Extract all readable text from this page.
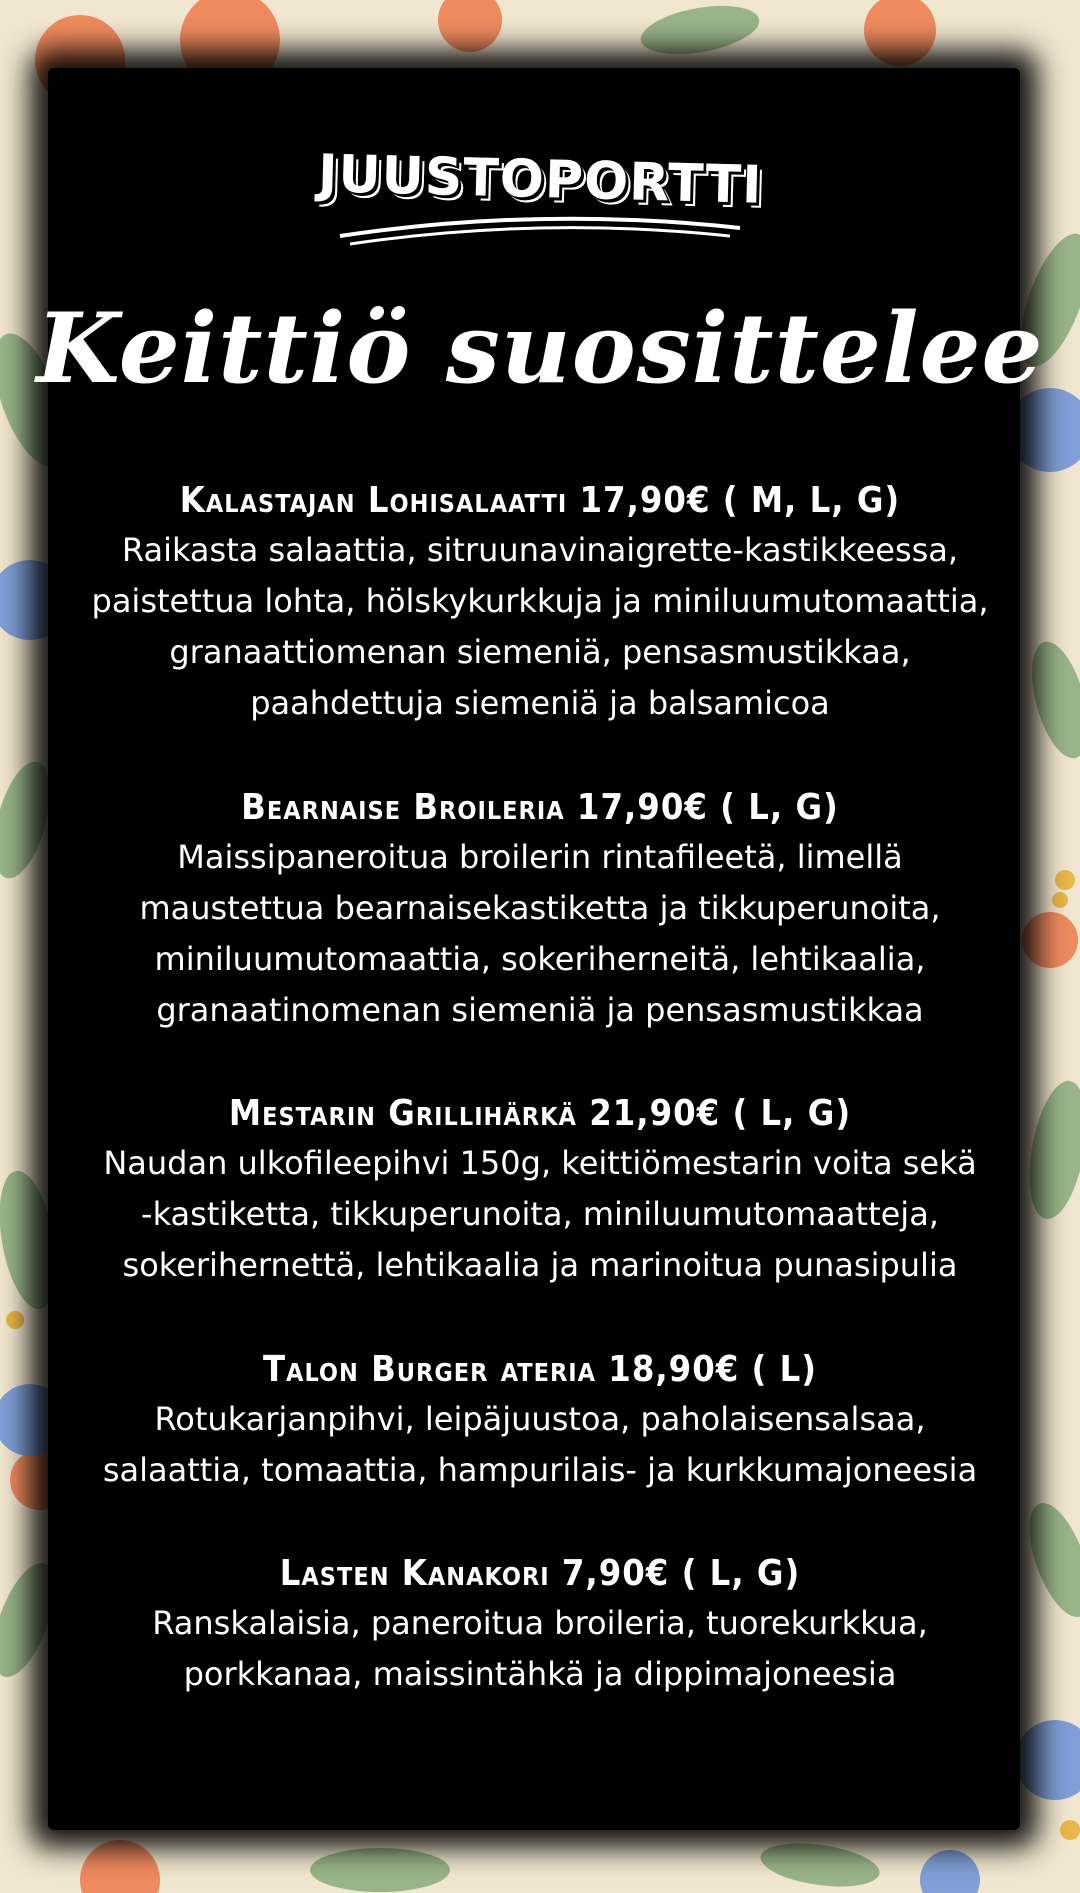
JUUSTOPORTTI
Keittiö suosittelee
Kalastajan Lohisalaatti 17,90€ ( M, L, G)
Raikasta salaattia, sitruunavinaigrette-kastikkeessa,
paistettua lohta, hölskykurkkuja ja miniluumutomaattia,
granaattiomenan siemeniä, pensasmustikkaa,
paahdettuja siemeniä ja balsamicoa
Bearnaise Broileria 17,90€ ( L, G)
Maissipaneroitua broilerin rintafileetä, limellä
maustettua bearnaisekastiketta ja tikkuperunoita,
miniluumutomaattia, sokeriherneitä, lehtikaalia,
granaatinomenan siemeniä ja pensasmustikkaa
Mestarin Grillihärkä 21,90€ ( L, G)
Naudan ulkofileepihvi 150g, keittiömestarin voita sekä
-kastiketta, tikkuperunoita, miniluumutomaatteja,
sokerihernettä, lehtikaalia ja marinoitua punasipulia
Talon Burger ateria 18,90€ ( L)
Rotukarjanpihvi, leipäjuustoa, paholaisensalsaa,
salaattia, tomaattia, hampurilais- ja kurkkumajoneesia
Lasten Kanakori 7,90€ ( L, G)
Ranskalaisia, paneroitua broileria, tuorekurkkua,
porkkanaa, maissintähkä ja dippimajoneesia
